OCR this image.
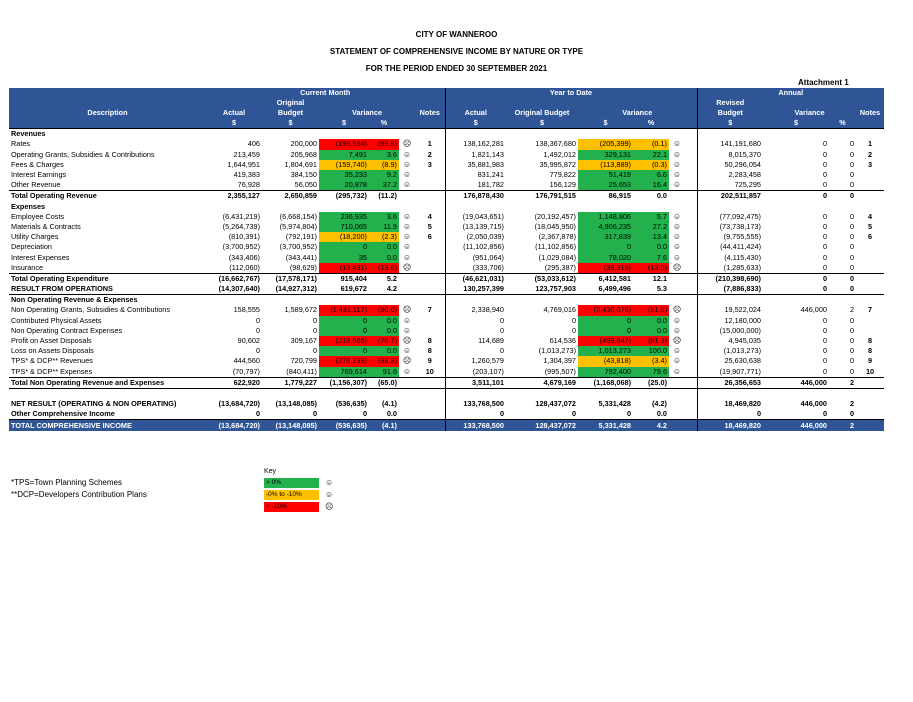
CITY OF WANNEROO
STATEMENT OF COMPREHENSIVE INCOME BY NATURE OR TYPE
FOR THE PERIOD ENDED 30 SEPTEMBER 2021
Attachment 1
	Current Month						Year to Date						Annual			
		Original											Revised			
Description	Actual	Budget	Variance			Notes	Actual	Original Budget	Variance				Budget	Variance		Notes
	$	$	$	%			$	$	$	%			$	$	%	
Revenues																
Rates	406	200,000	(199,594)	(99.8)	☹	1	138,162,281	138,367,680	(205,399)	(0.1)	☺		141,191,680	0	0	1
Operating Grants, Subsidies & Contributions	213,459	205,968	7,491	3.6	☺	2	1,821,143	1,492,012	329,131	22.1	☺		8,015,370	0	0	2
Fees & Charges	1,644,951	1,804,691	(159,740)	(8.9)	☺	3	35,881,983	35,995,872	(113,889)	(0.3)	☺		50,296,054	0	0	3
Interest Earnings	419,383	384,150	35,233	9.2	☺		831,241	779,822	51,419	6.6	☺		2,283,458	0	0	
Other Revenue	76,928	56,050	20,878	37.2	☺		181,782	156,129	25,653	16.4	☺		725,295	0	0	
Total Operating Revenue	2,355,127	2,650,859	(295,732)	(11.2)			176,878,430	176,791,515	86,915	0.0			202,511,857	0	0	
Expenses																
Employee Costs	(6,431,219)	(6,668,154)	236,935	3.6	☺	4	(19,043,651)	(20,192,457)	1,148,806	5.7	☺		(77,092,475)	0	0	4
Materials & Contracts	(5,264,739)	(5,974,804)	710,065	11.9	☺	5	(13,139,715)	(18,045,950)	4,906,235	27.2	☺		(73,738,173)	0	0	5
Utility Charges	(810,391)	(792,191)	(18,200)	(2.3)	☺	6	(2,050,039)	(2,367,878)	317,839	13.4	☺		(9,755,555)	0	0	6
Depreciation	(3,700,952)	(3,700,952)	0	0.0	☺		(11,102,856)	(11,102,856)	0	0.0	☺		(44,411,424)	0	0	
Interest Expenses	(343,406)	(343,441)	35	0.0	☺		(951,064)	(1,029,084)	78,020	7.6	☺		(4,115,430)	0	0	
Insurance	(112,060)	(98,629)	(13,431)	(13.6)	☹		(333,706)	(295,387)	(38,319)	(13.0)	☹		(1,285,633)	0	0	
Total Operating Expenditure	(16,662,767)	(17,578,171)	915,404	5.2			(46,621,031)	(53,033,612)	6,412,581	12.1			(210,398,690)	0	0	
RESULT FROM OPERATIONS	(14,307,640)	(14,927,312)	619,672	4.2			130,257,399	123,757,903	6,499,496	5.3			(7,886,833)	0	0	
Non Operating Revenue & Expenses																
Non Operating Grants, Subsidies & Contributions	158,555	1,589,672	(1,431,117)	(90.0)	☹	7	2,338,940	4,769,016	(2,430,076)	(51.0)	☹		19,522,024	446,000	2	7
Contributed Physical Assets	0	0	0	0.0	☺		0	0	0	0.0	☺		12,180,000	0	0	
Non Operating Contract Expenses	0	0	0	0.0	☺		0	0	0	0.0	☺		(15,000,000)	0	0	
Profit on Asset Disposals	90,602	309,167	(218,565)	(70.7)	☹	8	114,689	614,536	(499,847)	(81.3)	☹		4,945,035	0	0	8
Loss on Assets Disposals	0	0	0	0.0	☺	8	0	(1,013,273)	1,013,273	100.0	☺		(1,013,273)	0	0	8
TPS* & DCP** Revenues	444,560	720,799	(276,239)	(38.3)	☹	9	1,260,579	1,304,397	(43,818)	(3.4)	☺		25,630,638	0	0	9
TPS* & DCP** Expenses	(70,797)	(840,411)	769,614	91.6	☺	10	(203,107)	(995,507)	792,400	79.6	☺		(19,907,771)	0	0	10
Total Non Operating Revenue and Expenses	622,920	1,779,227	(1,156,307)	(65.0)			3,511,101	4,679,169	(1,168,068)	(25.0)			26,356,653	446,000	2	

NET RESULT (OPERATING & NON OPERATING)	(13,684,720)	(13,148,085)	(536,635)	(4.1)			133,768,500	128,437,072	5,331,428	(4.2)			18,469,820	446,000	2	
Other Comprehensive Income	0	0	0	0.0			0	0	0	0.0			0	0	0	
TOTAL COMPREHENSIVE INCOME	(13,684,720)	(13,148,085)	(536,635)	(4.1)			133,768,500	128,437,072	5,331,428	4.2			18,469,820	446,000	2	
*TPS=Town Planning Schemes
**DCP=Developers Contribution Plans
Key
> 0%	☺
-0% to -10%	☺
< -10%	☹
